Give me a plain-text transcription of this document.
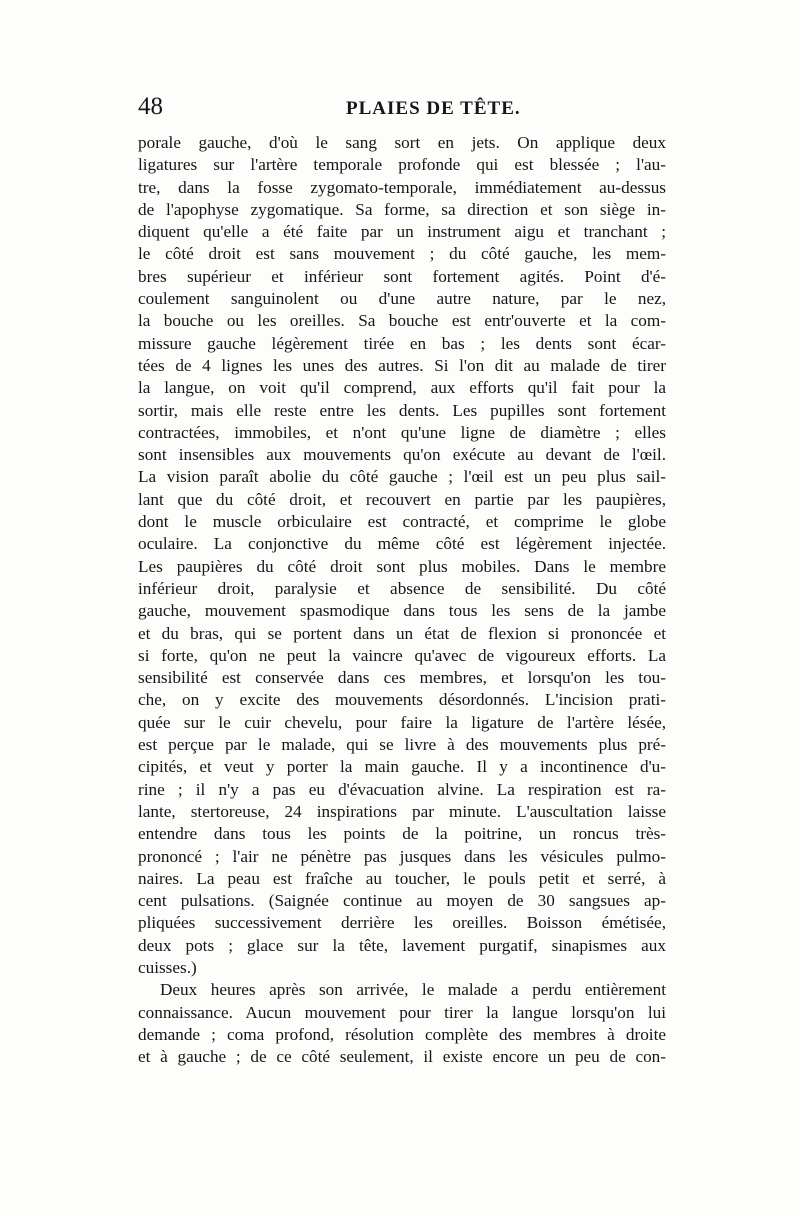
48	PLAIES DE TÊTE.
porale gauche, d'où le sang sort en jets. On applique deux
ligatures sur l'artère temporale profonde qui est blessée ; l'au-
tre, dans la fosse zygomato-temporale, immédiatement au-dessus
de l'apophyse zygomatique. Sa forme, sa direction et son siège in-
diquent qu'elle a été faite par un instrument aigu et tranchant ;
le côté droit est sans mouvement ; du côté gauche, les mem-
bres supérieur et inférieur sont fortement agités. Point d'é-
coulement sanguinolent ou d'une autre nature, par le nez,
la bouche ou les oreilles. Sa bouche est entr'ouverte et la com-
missure gauche légèrement tirée en bas ; les dents sont écar-
tées de 4 lignes les unes des autres. Si l'on dit au malade de tirer
la langue, on voit qu'il comprend, aux efforts qu'il fait pour la
sortir, mais elle reste entre les dents. Les pupilles sont fortement
contractées, immobiles, et n'ont qu'une ligne de diamètre ; elles
sont insensibles aux mouvements qu'on exécute au devant de l'œil.
La vision paraît abolie du côté gauche ; l'œil est un peu plus sail-
lant que du côté droit, et recouvert en partie par les paupières,
dont le muscle orbiculaire est contracté, et comprime le globe
oculaire. La conjonctive du même côté est légèrement injectée.
Les paupières du côté droit sont plus mobiles. Dans le membre
inférieur droit, paralysie et absence de sensibilité. Du côté
gauche, mouvement spasmodique dans tous les sens de la jambe
et du bras, qui se portent dans un état de flexion si prononcée et
si forte, qu'on ne peut la vaincre qu'avec de vigoureux efforts. La
sensibilité est conservée dans ces membres, et lorsqu'on les tou-
che, on y excite des mouvements désordonnés. L'incision prati-
quée sur le cuir chevelu, pour faire la ligature de l'artère lésée,
est perçue par le malade, qui se livre à des mouvements plus pré-
cipités, et veut y porter la main gauche. Il y a incontinence d'u-
rine ; il n'y a pas eu d'évacuation alvine. La respiration est ra-
lante, stertoreuse, 24 inspirations par minute. L'auscultation laisse
entendre dans tous les points de la poitrine, un roncus très-
prononcé ; l'air ne pénètre pas jusques dans les vésicules pulmo-
naires. La peau est fraîche au toucher, le pouls petit et serré, à
cent pulsations. (Saignée continue au moyen de 30 sangsues ap-
pliquées successivement derrière les oreilles. Boisson émétisée,
deux pots ; glace sur la tête, lavement purgatif, sinapismes aux
cuisses.)
Deux heures après son arrivée, le malade a perdu entièrement
connaissance. Aucun mouvement pour tirer la langue lorsqu'on lui
demande ; coma profond, résolution complète des membres à droite
et à gauche ; de ce côté seulement, il existe encore un peu de con-
